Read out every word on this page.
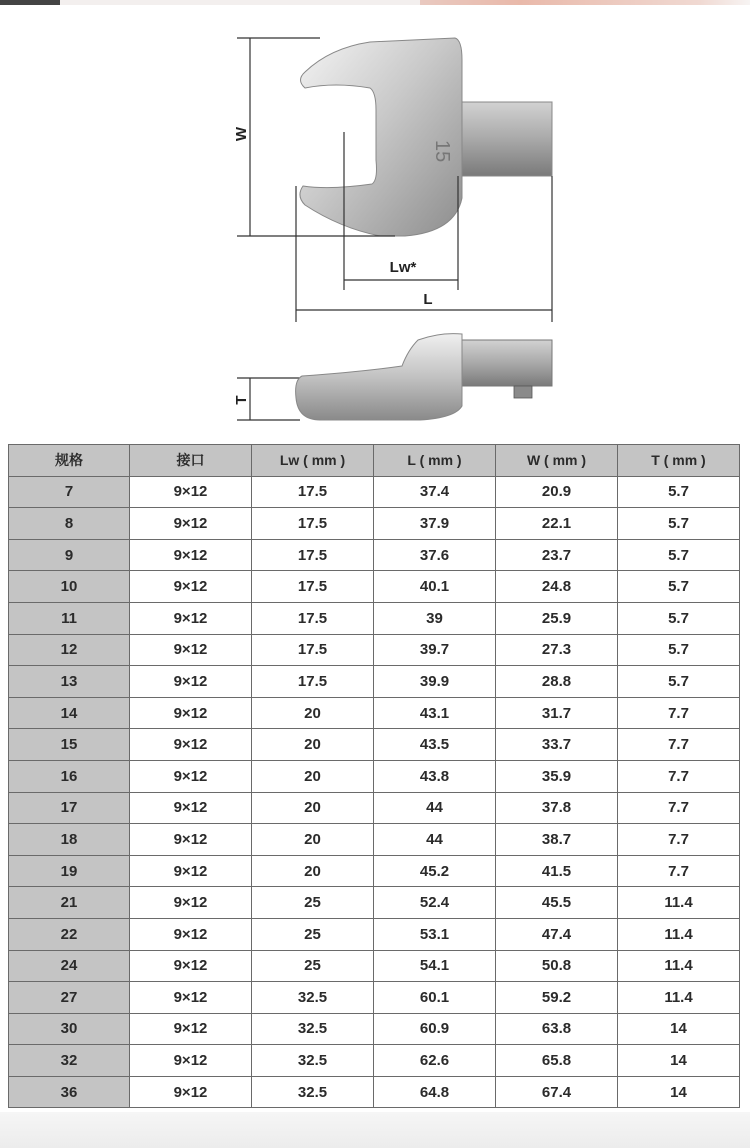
15
W
Lw*
L
T
规格	接口	Lw ( mm )	L ( mm )	W ( mm )	T ( mm )
7	9×12	17.5	37.4	20.9	5.7
8	9×12	17.5	37.9	22.1	5.7
9	9×12	17.5	37.6	23.7	5.7
10	9×12	17.5	40.1	24.8	5.7
11	9×12	17.5	39	25.9	5.7
12	9×12	17.5	39.7	27.3	5.7
13	9×12	17.5	39.9	28.8	5.7
14	9×12	20	43.1	31.7	7.7
15	9×12	20	43.5	33.7	7.7
16	9×12	20	43.8	35.9	7.7
17	9×12	20	44	37.8	7.7
18	9×12	20	44	38.7	7.7
19	9×12	20	45.2	41.5	7.7
21	9×12	25	52.4	45.5	11.4
22	9×12	25	53.1	47.4	11.4
24	9×12	25	54.1	50.8	11.4
27	9×12	32.5	60.1	59.2	11.4
30	9×12	32.5	60.9	63.8	14
32	9×12	32.5	62.6	65.8	14
36	9×12	32.5	64.8	67.4	14
